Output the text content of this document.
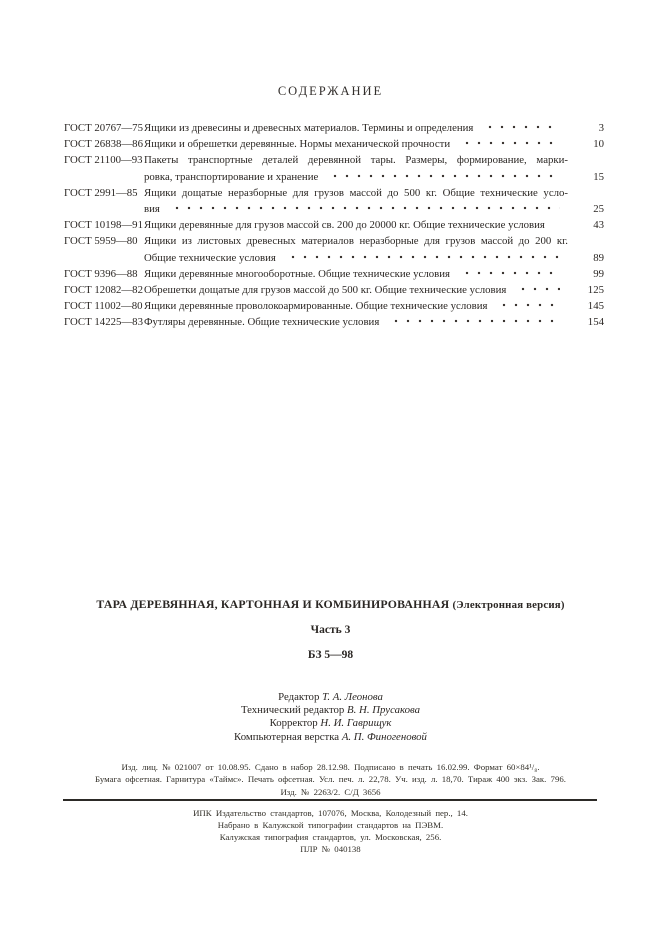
СОДЕРЖАНИЕ
ГОСТ 20767—75 Ящики из древесины и древесных материалов. Термины и определения	3
ГОСТ 26838—86 Ящики и обрешетки деревянные. Нормы механической прочности	10
ГОСТ 21100—93 Пакеты транспортные деталей деревянной тары. Размеры, формирование, марки-
ровка, транспортирование и хранение	15
ГОСТ 2991—85 Ящики дощатые неразборные для грузов массой до 500 кг. Общие технические усло-
вия	25
ГОСТ 10198—91 Ящики деревянные для грузов массой св. 200 до 20000 кг. Общие технические условия	43
ГОСТ 5959—80 Ящики из листовых древесных материалов неразборные для грузов массой до 200 кг.
Общие технические условия	89
ГОСТ 9396—88 Ящики деревянные многооборотные. Общие технические условия	99
ГОСТ 12082—82 Обрешетки дощатые для грузов массой до 500 кг. Общие технические условия	125
ГОСТ 11002—80 Ящики деревянные проволокоармированные. Общие технические условия	145
ГОСТ 14225—83 Футляры деревянные. Общие технические условия	154
ТАРА ДЕРЕВЯННАЯ, КАРТОННАЯ И КОМБИНИРОВАННАЯ (Электронная версия)
Часть 3
БЗ 5—98
Редактор Т. А. Леонова
Технический редактор В. Н. Прусакова
Корректор Н. И. Гаврищук
Компьютерная верстка А. П. Финогеновой
Изд. лиц. № 021007 от 10.08.95. Сдано в набор 28.12.98. Подписано в печать 16.02.99. Формат 60×84¹/₈.
Бумага офсетная. Гарнитура «Таймс». Печать офсетная. Усл. печ. л. 22,78. Уч. изд. л. 18,70. Тираж 400 экз. Зак. 796.
Изд. № 2263/2. С/Д 3656
ИПК Издательство стандартов, 107076, Москва, Колодезный пер., 14.
Набрано в Калужской типографии стандартов на ПЭВМ.
Калужская типография стандартов, ул. Московская, 256.
ПЛР № 040138
